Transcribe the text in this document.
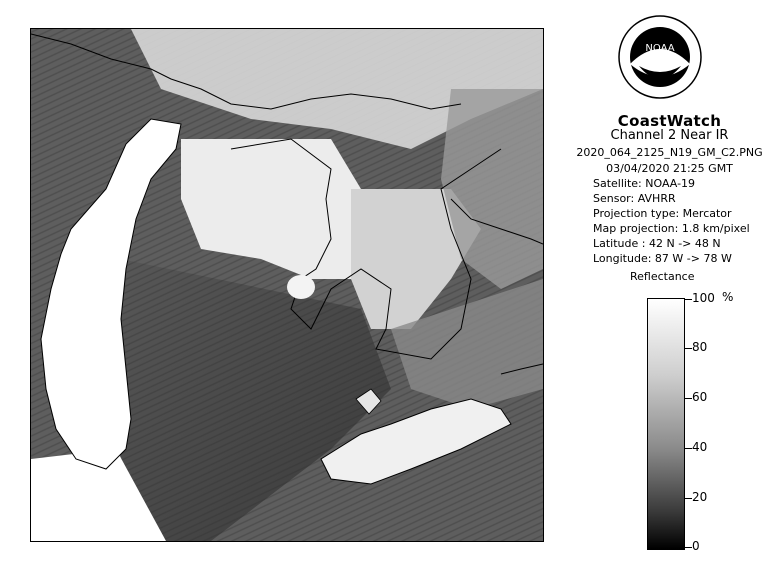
NOAA
CoastWatch
Channel 2 Near IR
2020_064_2125_N19_GM_C2.PNG
03/04/2020 21:25 GMT
Satellite: NOAA-19
Sensor: AVHRR
Projection type: Mercator
Map projection: 1.8 km/pixel
Latitude : 42 N -> 48 N
Longitude: 87 W -> 78 W
Reflectance
%
100
80
60
40
20
0
